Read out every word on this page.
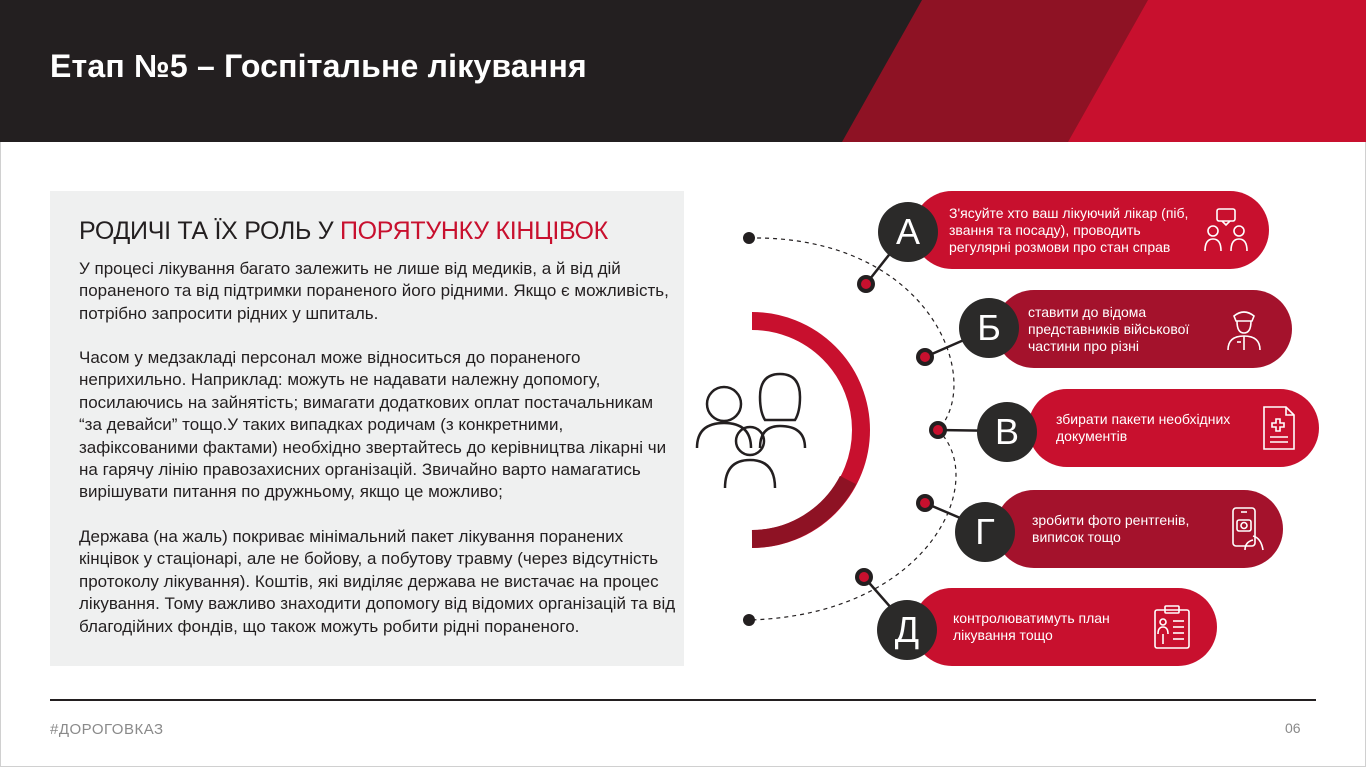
Етап №5 – Госпітальне лікування
РОДИЧІ ТА ЇХ РОЛЬ У ПОРЯТУНКУ КІНЦІВОК

У процесі лікування багато залежить не лише від медиків, а й від дій пораненого та від підтримки пораненого його рідними. Якщо є можливість, потрібно запросити рідних у шпиталь.

Часом у медзакладі персонал може відноситься до пораненого неприхильно. Наприклад: можуть не надавати належну допомогу, посилаючись на зайнятість; вимагати додаткових оплат постачальникам “за девайси” тощо.У таких випадках родичам (з конкретними, зафіксованими фактами) необхідно звертайтесь до керівництва лікарні чи на гарячу лінію правозахисних організацій. Звичайно варто намагатись вирішувати питання по дружньому, якщо це можливо;

Держава (на жаль) покриває мінімальний пакет лікування поранених кінцівок у стаціонарі, але не бойову, а побутову травму (через відсутність протоколу лікування). Коштів, які виділяє держава не вистачає на процес лікування. Тому важливо знаходити допомогу від відомих організацій та від благодійних фондів, що також можуть робити рідні пораненого.

З'ясуйте хто ваш лікуючий лікар (піб, звання та посаду), проводить регулярні розмови про стан справ
А
ставити до відома представників військової частини про різні
Б
збирати пакети необхідних документів
В
зробити фото рентгенів, виписок тощо
Г
контролюватимуть план лікування тощо
Д
#ДОРОГОВКАЗ	06
